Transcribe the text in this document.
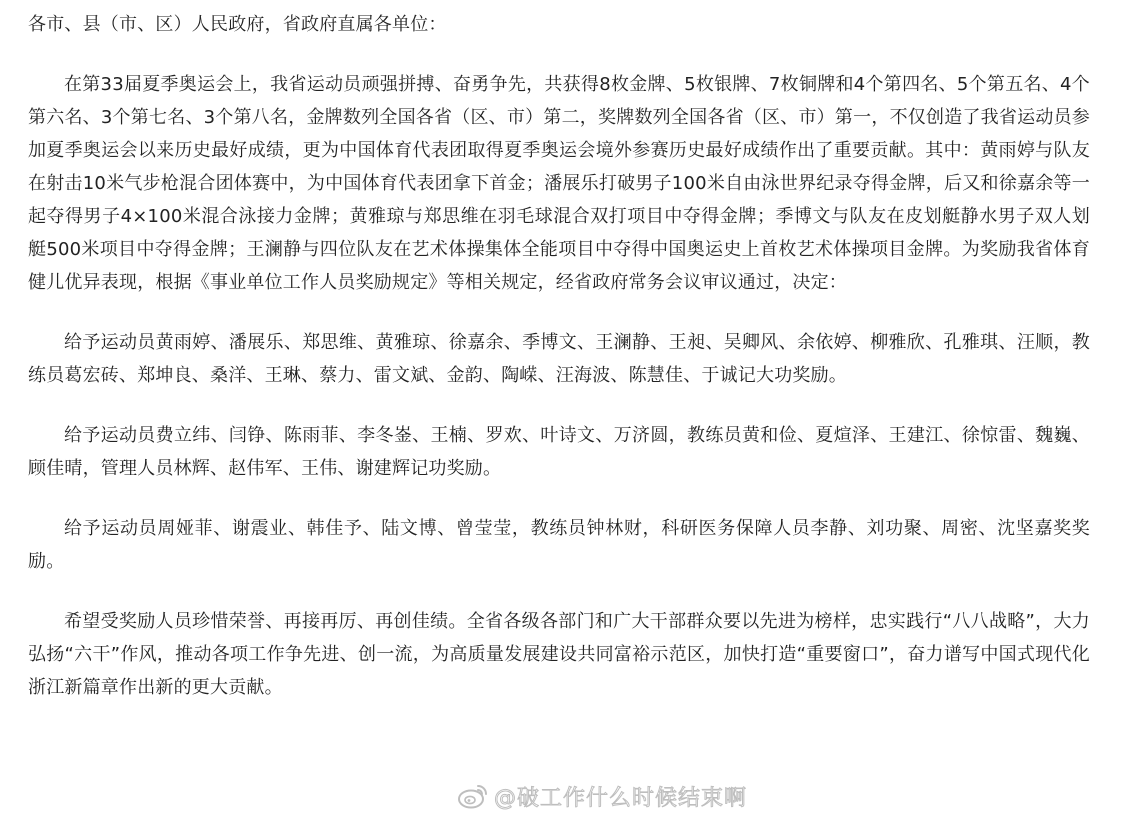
各市、县（市、区）人民政府，省政府直属各单位：

在第33届夏季奥运会上，我省运动员顽强拼搏、奋勇争先，共获得8枚金牌、5枚银牌、7枚铜牌和4个第四名、5个第五名、4个第六名、3个第七名、3个第八名，金牌数列全国各省（区、市）第二，奖牌数列全国各省（区、市）第一，不仅创造了我省运动员参加夏季奥运会以来历史最好成绩，更为中国体育代表团取得夏季奥运会境外参赛历史最好成绩作出了重要贡献。其中：黄雨婷与队友在射击10米气步枪混合团体赛中，为中国体育代表团拿下首金；潘展乐打破男子100米自由泳世界纪录夺得金牌，后又和徐嘉余等一起夺得男子4×100米混合泳接力金牌；黄雅琼与郑思维在羽毛球混合双打项目中夺得金牌；季博文与队友在皮划艇静水男子双人划艇500米项目中夺得金牌；王澜静与四位队友在艺术体操集体全能项目中夺得中国奥运史上首枚艺术体操项目金牌。为奖励我省体育健儿优异表现，根据《事业单位工作人员奖励规定》等相关规定，经省政府常务会议审议通过，决定：

给予运动员黄雨婷、潘展乐、郑思维、黄雅琼、徐嘉余、季博文、王澜静、王昶、吴卿风、余依婷、柳雅欣、孔雅琪、汪顺，教练员葛宏砖、郑坤良、桑洋、王琳、蔡力、雷文斌、金韵、陶嵘、汪海波、陈慧佳、于诚记大功奖励。

给予运动员费立纬、闫铮、陈雨菲、李冬崟、王楠、罗欢、叶诗文、万济圆，教练员黄和俭、夏煊泽、王建江、徐惊雷、魏巍、顾佳晴，管理人员林辉、赵伟军、王伟、谢建辉记功奖励。

给予运动员周娅菲、谢震业、韩佳予、陆文博、曾莹莹，教练员钟林财，科研医务保障人员李静、刘功聚、周密、沈坚嘉奖奖励。

希望受奖励人员珍惜荣誉、再接再厉、再创佳绩。全省各级各部门和广大干部群众要以先进为榜样，忠实践行“八八战略”，大力弘扬“六干”作风，推动各项工作争先进、创一流，为高质量发展建设共同富裕示范区，加快打造“重要窗口”，奋力谱写中国式现代化浙江新篇章作出新的更大贡献。

@破工作什么时候结束啊
